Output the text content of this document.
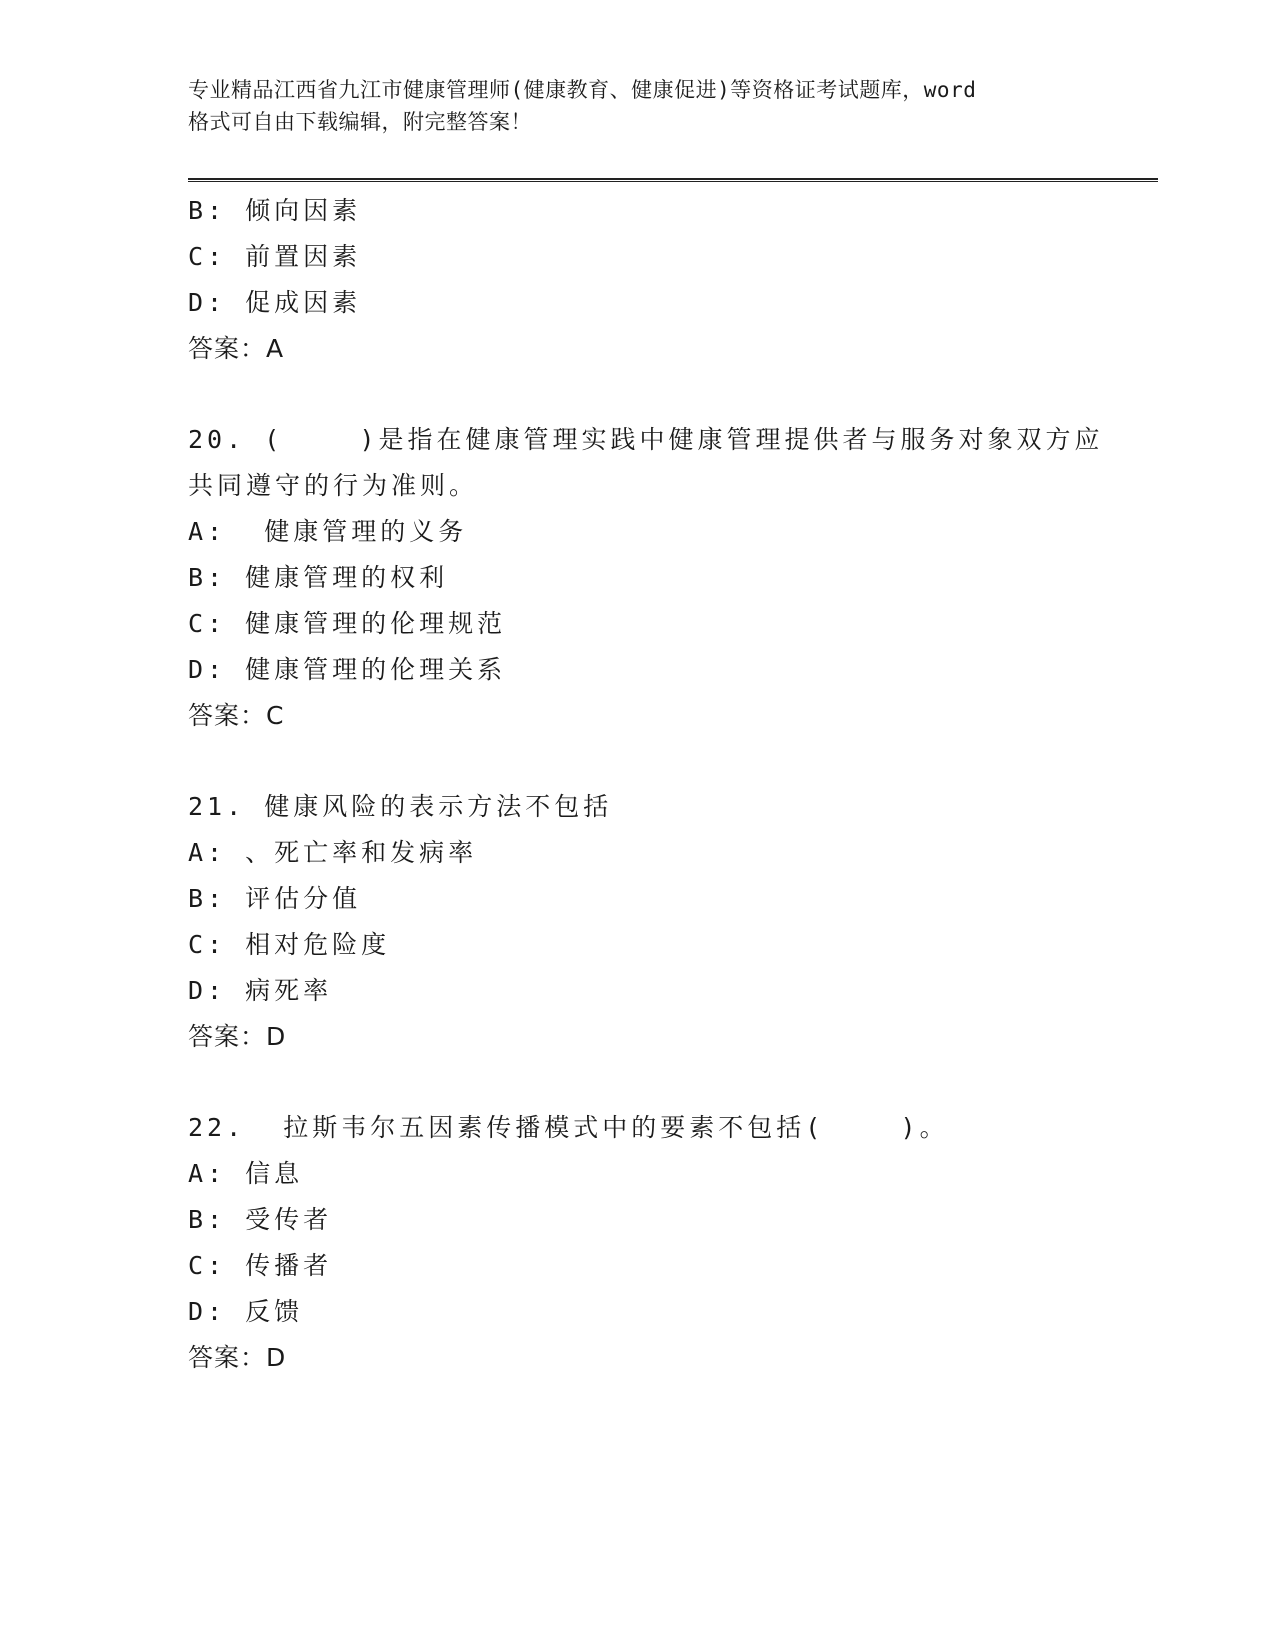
专业精品江西省九江市健康管理师(健康教育、健康促进)等资格证考试题库，word
格式可自由下载编辑，附完整答案！
B: 倾向因素
C: 前置因素
D: 促成因素
答案：A
20. (    )是指在健康管理实践中健康管理提供者与服务对象双方应
共同遵守的行为准则。
A:  健康管理的义务
B: 健康管理的权利
C: 健康管理的伦理规范
D: 健康管理的伦理关系
答案：C
21. 健康风险的表示方法不包括
A: 、死亡率和发病率
B: 评估分值
C: 相对危险度
D: 病死率
答案：D
22.  拉斯韦尔五因素传播模式中的要素不包括(    )。
A: 信息
B: 受传者
C: 传播者
D: 反馈
答案：D
